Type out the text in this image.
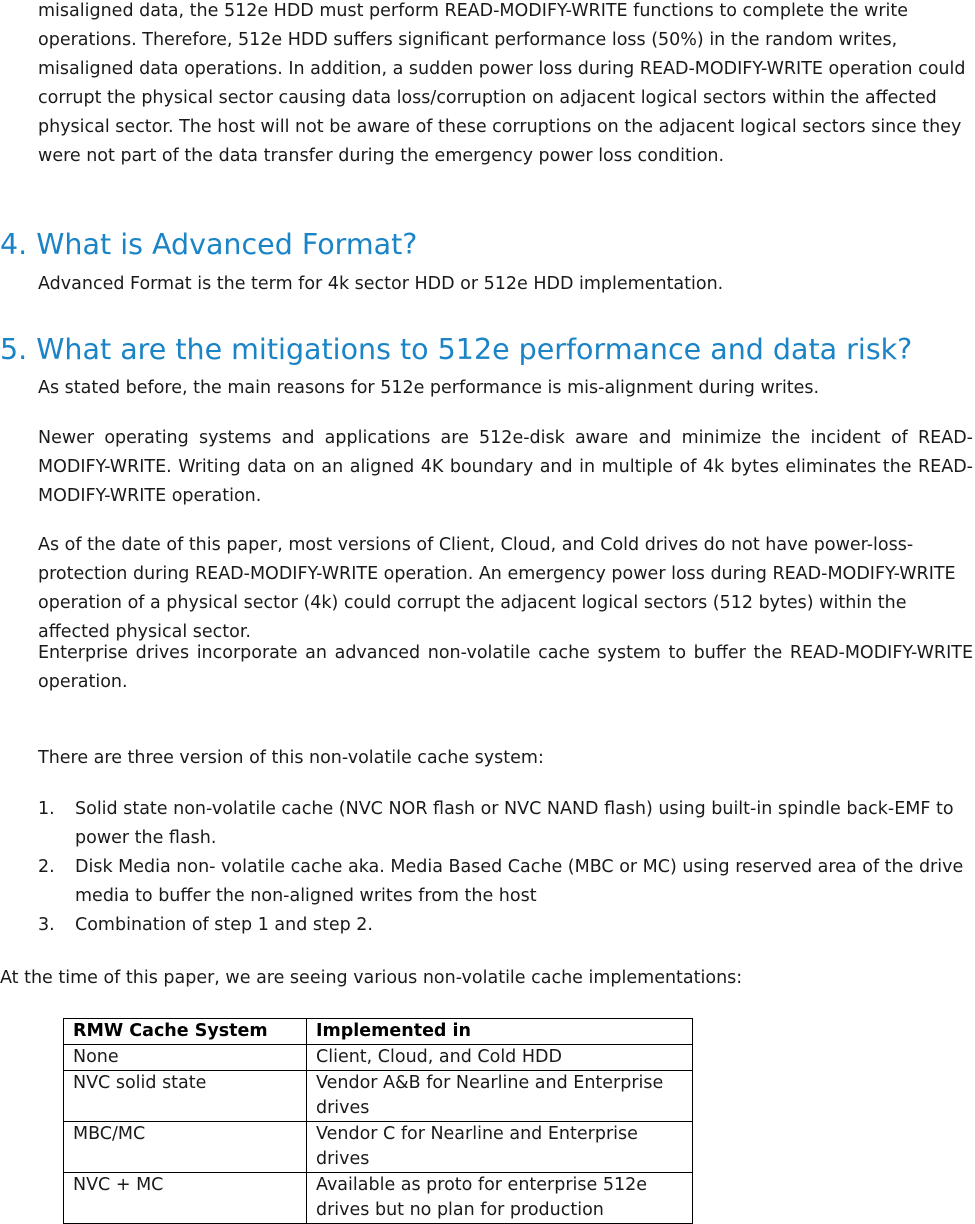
misaligned data, the 512e HDD must perform READ-MODIFY-WRITE functions to complete the write operations. Therefore, 512e HDD suffers significant performance loss (50%) in the random writes, misaligned data operations. In addition, a sudden power loss during READ-MODIFY-WRITE operation could corrupt the physical sector causing data loss/corruption on adjacent logical sectors within the affected physical sector. The host will not be aware of these corruptions on the adjacent logical sectors since they were not part of the data transfer during the emergency power loss condition.

4. What is Advanced Format?

Advanced Format is the term for 4k sector HDD or 512e HDD implementation.

5. What are the mitigations to 512e performance and data risk?

As stated before, the main reasons for 512e performance is mis-alignment during writes.

Newer operating systems and applications are 512e-disk aware and minimize the incident of READ-MODIFY-WRITE. Writing data on an aligned 4K boundary and in multiple of 4k bytes eliminates the READ-MODIFY-WRITE operation.

As of the date of this paper, most versions of Client, Cloud, and Cold drives do not have power-loss-protection during READ-MODIFY-WRITE operation. An emergency power loss during READ-MODIFY-WRITE operation of a physical sector (4k) could corrupt the adjacent logical sectors (512 bytes) within the affected physical sector.

Enterprise drives incorporate an advanced non-volatile cache system to buffer the READ-MODIFY-WRITE operation.

There are three version of this non-volatile cache system:

1. Solid state non-volatile cache (NVC NOR flash or NVC NAND flash) using built-in spindle back-EMF to power the flash.
2. Disk Media non- volatile cache aka. Media Based Cache (MBC or MC) using reserved area of the drive media to buffer the non-aligned writes from the host
3. Combination of step 1 and step 2.

At the time of this paper, we are seeing various non-volatile cache implementations:

RMW Cache System	Implemented in
None	Client, Cloud, and Cold HDD
NVC solid state	Vendor A&B for Nearline and Enterprise drives
MBC/MC	Vendor C for Nearline and Enterprise drives
NVC + MC	Available as proto for enterprise 512e drives but no plan for production
